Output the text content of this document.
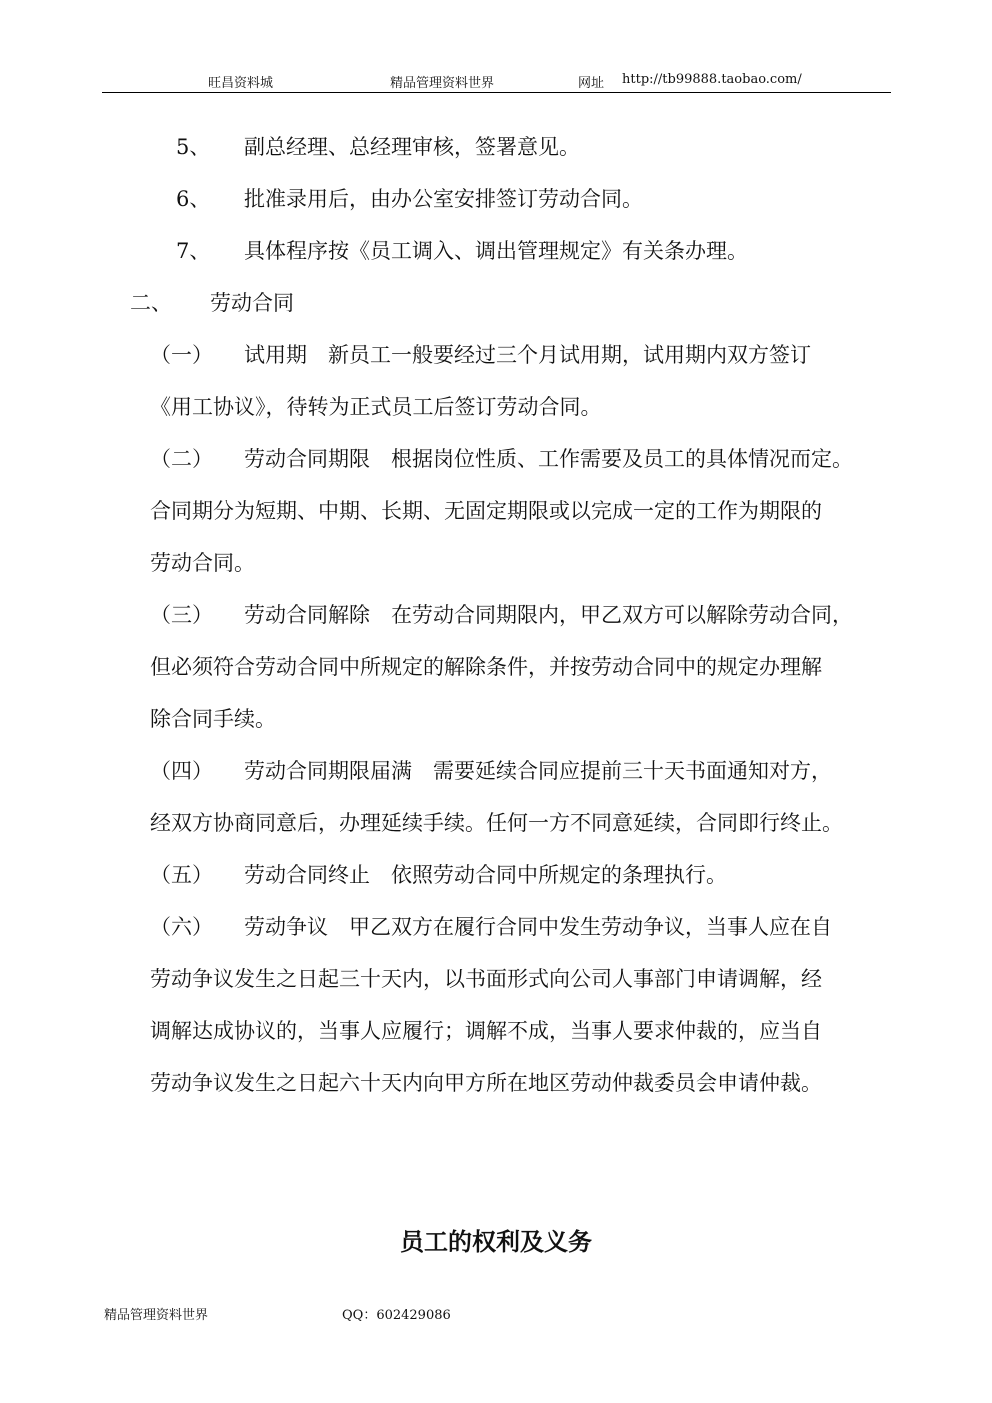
旺昌资料城	精品管理资料世界	网址 http://tb99888.taobao.com/
5、 副总经理、总经理审核，签署意见。
6、 批准录用后，由办公室安排签订劳动合同。
7、 具体程序按《员工调入、调出管理规定》有关条办理。
二、 劳动合同
（一） 试用期　新员工一般要经过三个月试用期，试用期内双方签订
《用工协议》，待转为正式员工后签订劳动合同。
（二） 劳动合同期限　根据岗位性质、工作需要及员工的具体情况而定。
合同期分为短期、中期、长期、无固定期限或以完成一定的工作为期限的
劳动合同。
（三） 劳动合同解除　在劳动合同期限内，甲乙双方可以解除劳动合同，
但必须符合劳动合同中所规定的解除条件，并按劳动合同中的规定办理解
除合同手续。
（四） 劳动合同期限届满　需要延续合同应提前三十天书面通知对方，
经双方协商同意后，办理延续手续。任何一方不同意延续，合同即行终止。
（五） 劳动合同终止　依照劳动合同中所规定的条理执行。
（六） 劳动争议　甲乙双方在履行合同中发生劳动争议，当事人应在自
劳动争议发生之日起三十天内，以书面形式向公司人事部门申请调解，经
调解达成协议的，当事人应履行；调解不成，当事人要求仲裁的，应当自
劳动争议发生之日起六十天内向甲方所在地区劳动仲裁委员会申请仲裁。
员工的权利及义务
精品管理资料世界	QQ：602429086
